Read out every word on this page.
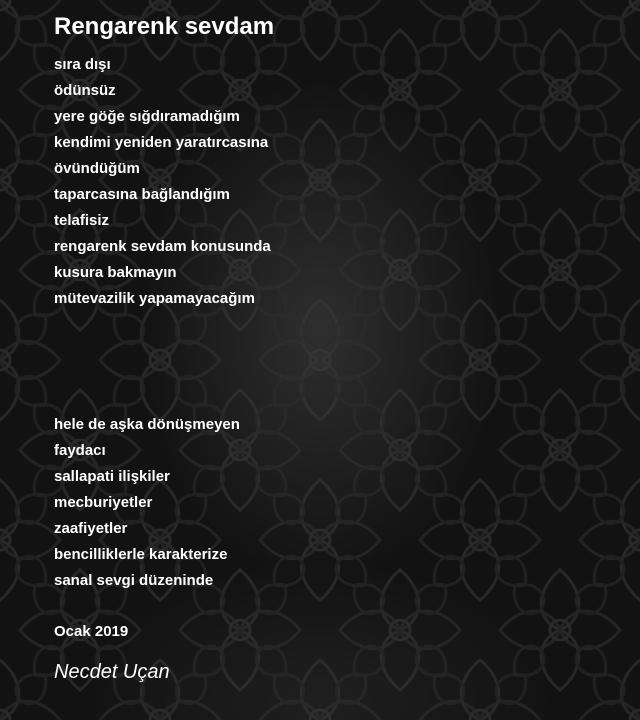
Rengarenk sevdam
sıra dışı
ödünsüz
yere göğe sığdıramadığım
kendimi yeniden yaratırcasına
övündüğüm
taparcasına bağlandığım
telafisiz
rengarenk sevdam konusunda
kusura bakmayın
mütevazilik yapamayacağım
hele de aşka dönüşmeyen
faydacı
sallapati ilişkiler
mecburiyetler
zaafiyetler
bencilliklerle karakterize
sanal sevgi düzeninde
Ocak 2019
Necdet Uçan
